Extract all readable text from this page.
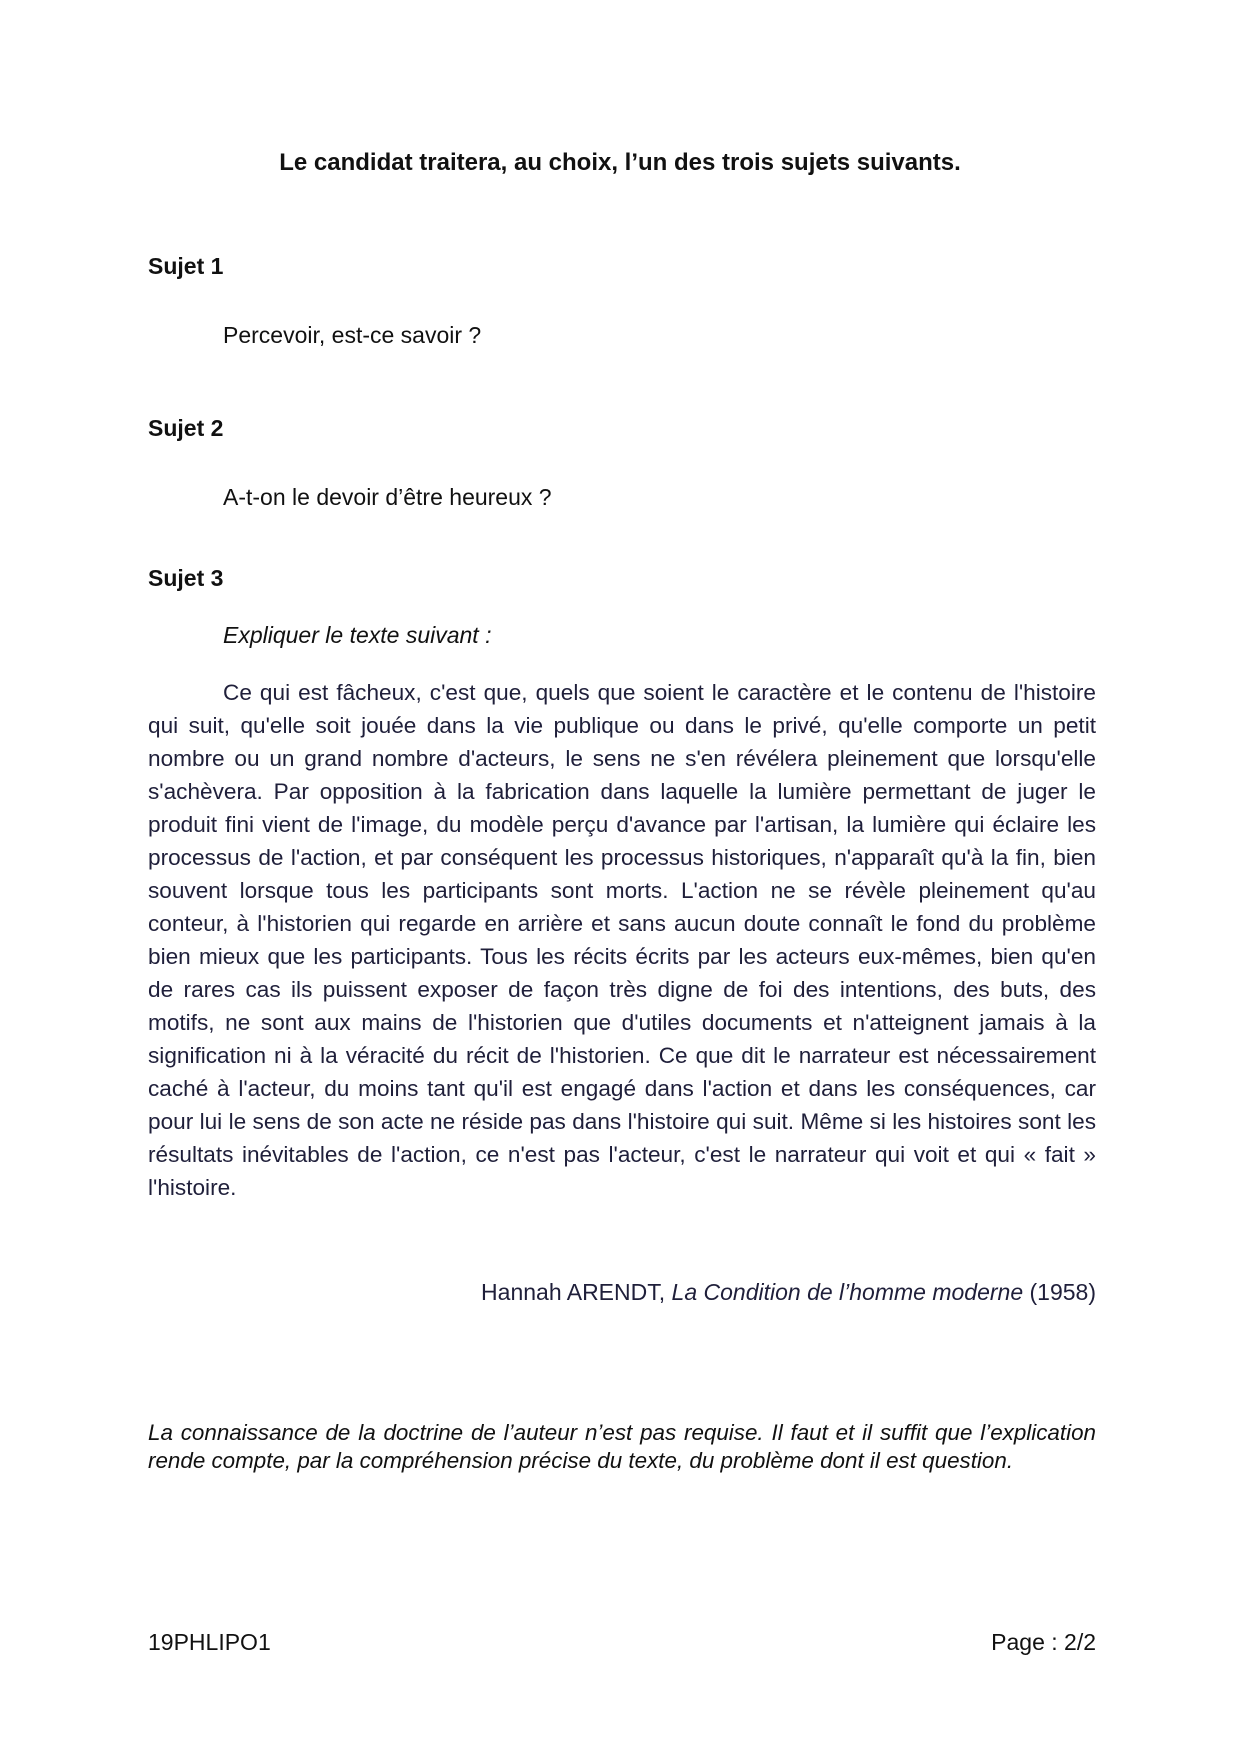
Le candidat traitera, au choix, l’un des trois sujets suivants.
Sujet 1
Percevoir, est-ce savoir ?
Sujet 2
A-t-on le devoir d’être heureux ?
Sujet 3
Expliquer le texte suivant :

Ce qui est fâcheux, c'est que, quels que soient le caractère et le contenu de l'histoire qui suit, qu'elle soit jouée dans la vie publique ou dans le privé, qu'elle comporte un petit nombre ou un grand nombre d'acteurs, le sens ne s'en révélera pleinement que lorsqu'elle s'achèvera. Par opposition à la fabrication dans laquelle la lumière permettant de juger le produit fini vient de l'image, du modèle perçu d'avance par l'artisan, la lumière qui éclaire les processus de l'action, et par conséquent les processus historiques, n'apparaît qu'à la fin, bien souvent lorsque tous les participants sont morts. L'action ne se révèle pleinement qu'au conteur, à l'historien qui regarde en arrière et sans aucun doute connaît le fond du problème bien mieux que les participants. Tous les récits écrits par les acteurs eux-mêmes, bien qu'en de rares cas ils puissent exposer de façon très digne de foi des intentions, des buts, des motifs, ne sont aux mains de l'historien que d'utiles documents et n'atteignent jamais à la signification ni à la véracité du récit de l'historien. Ce que dit le narrateur est nécessairement caché à l'acteur, du moins tant qu'il est engagé dans l'action et dans les conséquences, car pour lui le sens de son acte ne réside pas dans l'histoire qui suit. Même si les histoires sont les résultats inévitables de l'action, ce n'est pas l'acteur, c'est le narrateur qui voit et qui « fait » l'histoire.

Hannah ARENDT, La Condition de l’homme moderne (1958)

La connaissance de la doctrine de l’auteur n’est pas requise. Il faut et il suffit que l’explication rende compte, par la compréhension précise du texte, du problème dont il est question.

19PHLIPO1	Page : 2/2
